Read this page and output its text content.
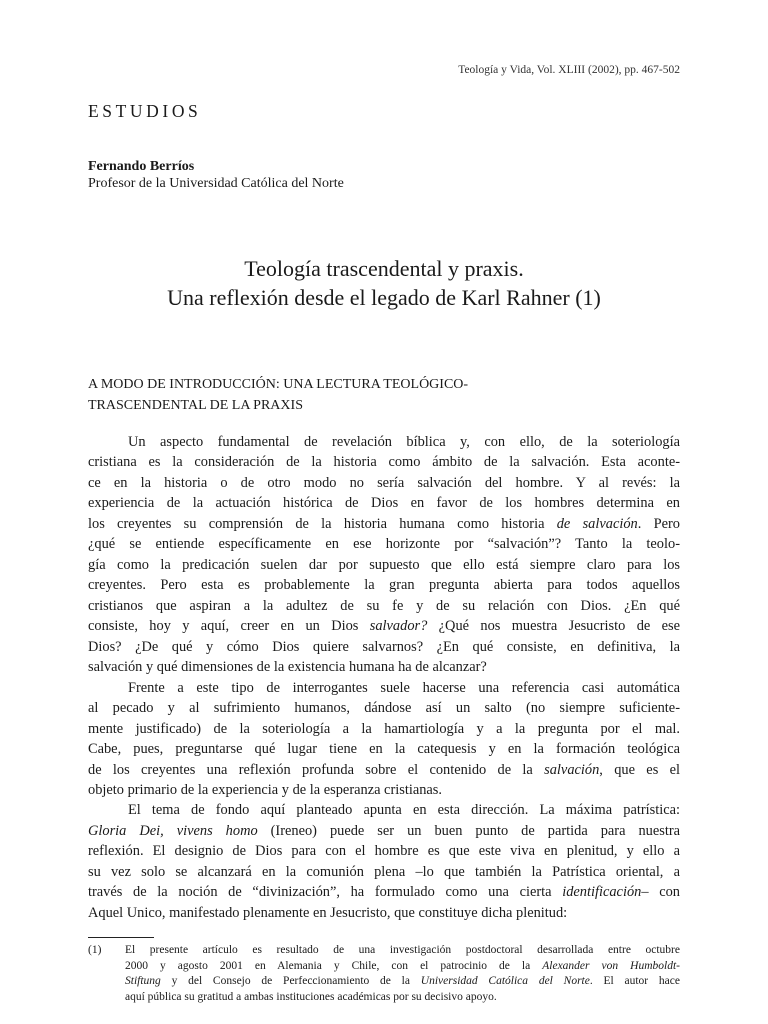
Teología y Vida, Vol. XLIII (2002), pp. 467-502
ESTUDIOS
Fernando Berríos
Profesor de la Universidad Católica del Norte
Teología trascendental y praxis.
Una reflexión desde el legado de Karl Rahner (1)
A MODO DE INTRODUCCIÓN: UNA LECTURA TEOLÓGICO-
TRASCENDENTAL DE LA PRAXIS
Un aspecto fundamental de revelación bíblica y, con ello, de la soteriología
cristiana es la consideración de la historia como ámbito de la salvación. Esta aconte-
ce en la historia o de otro modo no sería salvación del hombre. Y al revés: la
experiencia de la actuación histórica de Dios en favor de los hombres determina en
los creyentes su comprensión de la historia humana como historia de salvación. Pero
¿qué se entiende específicamente en ese horizonte por “salvación”? Tanto la teolo-
gía como la predicación suelen dar por supuesto que ello está siempre claro para los
creyentes. Pero esta es probablemente la gran pregunta abierta para todos aquellos
cristianos que aspiran a la adultez de su fe y de su relación con Dios. ¿En qué
consiste, hoy y aquí, creer en un Dios salvador? ¿Qué nos muestra Jesucristo de ese
Dios? ¿De qué y cómo Dios quiere salvarnos? ¿En qué consiste, en definitiva, la
salvación y qué dimensiones de la existencia humana ha de alcanzar?
Frente a este tipo de interrogantes suele hacerse una referencia casi automática
al pecado y al sufrimiento humanos, dándose así un salto (no siempre suficiente-
mente justificado) de la soteriología a la hamartiología y a la pregunta por el mal.
Cabe, pues, preguntarse qué lugar tiene en la catequesis y en la formación teológica
de los creyentes una reflexión profunda sobre el contenido de la salvación, que es el
objeto primario de la experiencia y de la esperanza cristianas.
El tema de fondo aquí planteado apunta en esta dirección. La máxima patrística:
Gloria Dei, vivens homo (Ireneo) puede ser un buen punto de partida para nuestra
reflexión. El designio de Dios para con el hombre es que este viva en plenitud, y ello a
su vez solo se alcanzará en la comunión plena –lo que también la Patrística oriental, a
través de la noción de “divinización”, ha formulado como una cierta identificación– con
Aquel Unico, manifestado plenamente en Jesucristo, que constituye dicha plenitud:
(1) El presente artículo es resultado de una investigación postdoctoral desarrollada entre octubre
2000 y agosto 2001 en Alemania y Chile, con el patrocinio de la Alexander von Humboldt-
Stiftung y del Consejo de Perfeccionamiento de la Universidad Católica del Norte. El autor hace
aquí pública su gratitud a ambas instituciones académicas por su decisivo apoyo.
